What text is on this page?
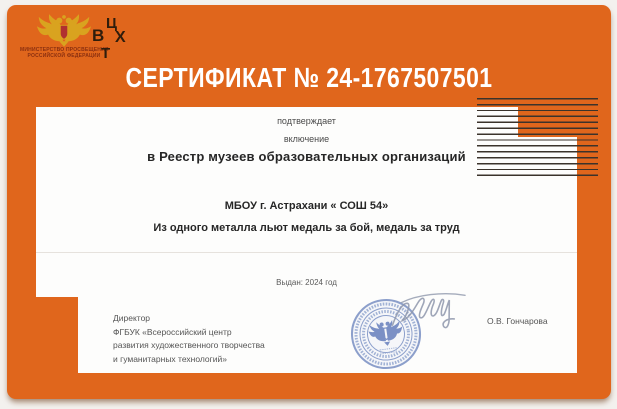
МИНИСТЕРСТВО ПРОСВЕЩЕНИЯ
РОССИЙСКОЙ ФЕДЕРАЦИИ
Ц
В Х
Т
СЕРТИФИКАТ № 24-1767507501
подтверждает
включение
в Реестр музеев образовательных организаций
МБОУ г. Астрахани « СОШ 54»
Из одного металла льют медаль за бой, медаль за труд
Выдан: 2024 год
Директор
ФГБУК «Всероссийский центр
развития художественного творчества
и гуманитарных технологий»
О.В. Гончарова
